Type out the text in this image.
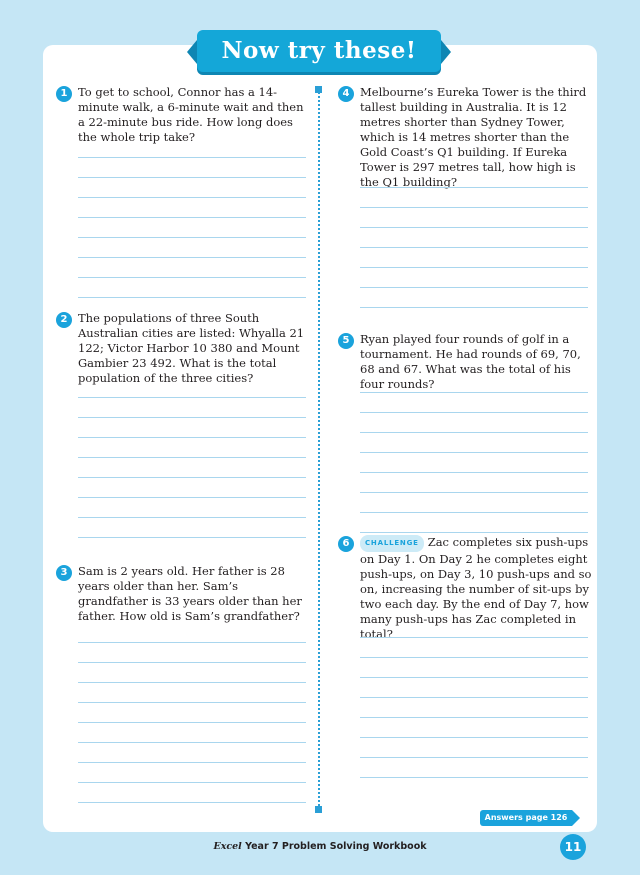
Now try these!
1 To get to school, Connor has a 14-minute walk, a 6-minute wait and then a 22-minute bus ride. How long does the whole trip take?
2 The populations of three South Australian cities are listed: Whyalla 21 122; Victor Harbor 10 380 and Mount Gambier 23 492. What is the total population of the three cities?
3 Sam is 2 years old. Her father is 28 years older than her. Sam’s grandfather is 33 years older than her father. How old is Sam’s grandfather?
4 Melbourne’s Eureka Tower is the third tallest building in Australia. It is 12 metres shorter than Sydney Tower, which is 14 metres shorter than the Gold Coast’s Q1 building. If Eureka Tower is 297 metres tall, how high is the Q1 building?
5 Ryan played four rounds of golf in a tournament. He had rounds of 69, 70, 68 and 67. What was the total of his four rounds?
6	CHALLENGE Zac completes six push-ups on Day 1. On Day 2 he completes eight push-ups, on Day 3, 10 push-ups and so on, increasing the number of sit-ups by two each day. By the end of Day 7, how many push-ups has Zac completed in total?
Answers page 126
Excel Year 7 Problem Solving Workbook	11
